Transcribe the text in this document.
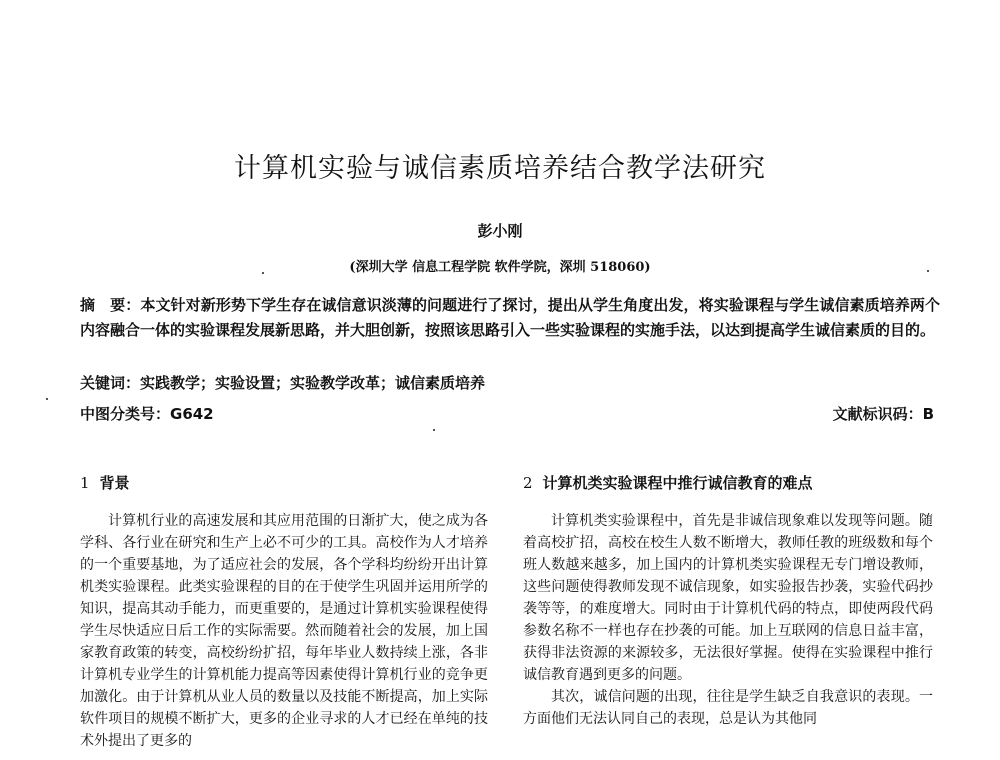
计算机实验与诚信素质培养结合教学法研究
彭小刚
(深圳大学 信息工程学院 软件学院，深圳 518060)
摘　要：本文针对新形势下学生存在诚信意识淡薄的问题进行了探讨，提出从学生角度出发，将实验课程与学生诚信素质培养两个内容融合一体的实验课程发展新思路，并大胆创新，按照该思路引入一些实验课程的实施手法，以达到提高学生诚信素质的目的。
关键词：实践教学；实验设置；实验教学改革；诚信素质培养
中图分类号：G642	文献标识码：B
1 背景	2 计算机类实验课程中推行诚信教育的难点

计算机行业的高速发展和其应用范围的日渐扩大，使之成为各学科、各行业在研究和生产上必不可少的工具。高校作为人才培养的一个重要基地，为了适应社会的发展，各个学科均纷纷开出计算机类实验课程。此类实验课程的目的在于使学生巩固并运用所学的知识，提高其动手能力，而更重要的，是通过计算机实验课程使得学生尽快适应日后工作的实际需要。然而随着社会的发展，加上国家教育政策的转变，高校纷纷扩招，每年毕业人数持续上涨，各非计算机专业学生的计算机能力提高等因素使得计算机行业的竞争更加激化。由于计算机从业人员的数量以及技能不断提高，加上实际软件项目的规模不断扩大，更多的企业寻求的人才已经在单纯的技术外提出了更多的

计算机类实验课程中，首先是非诚信现象难以发现等问题。随着高校扩招，高校在校生人数不断增大，教师任教的班级数和每个班人数越来越多，加上国内的计算机类实验课程无专门增设教师，这些问题使得教师发现不诚信现象，如实验报告抄袭，实验代码抄袭等等，的难度增大。同时由于计算机代码的特点，即使两段代码参数名称不一样也存在抄袭的可能。加上互联网的信息日益丰富，获得非法资源的来源较多，无法很好掌握。使得在实验课程中推行诚信教育遇到更多的问题。

其次，诚信问题的出现，往往是学生缺乏自我意识的表现。一方面他们无法认同自己的表现，总是认为其他同
